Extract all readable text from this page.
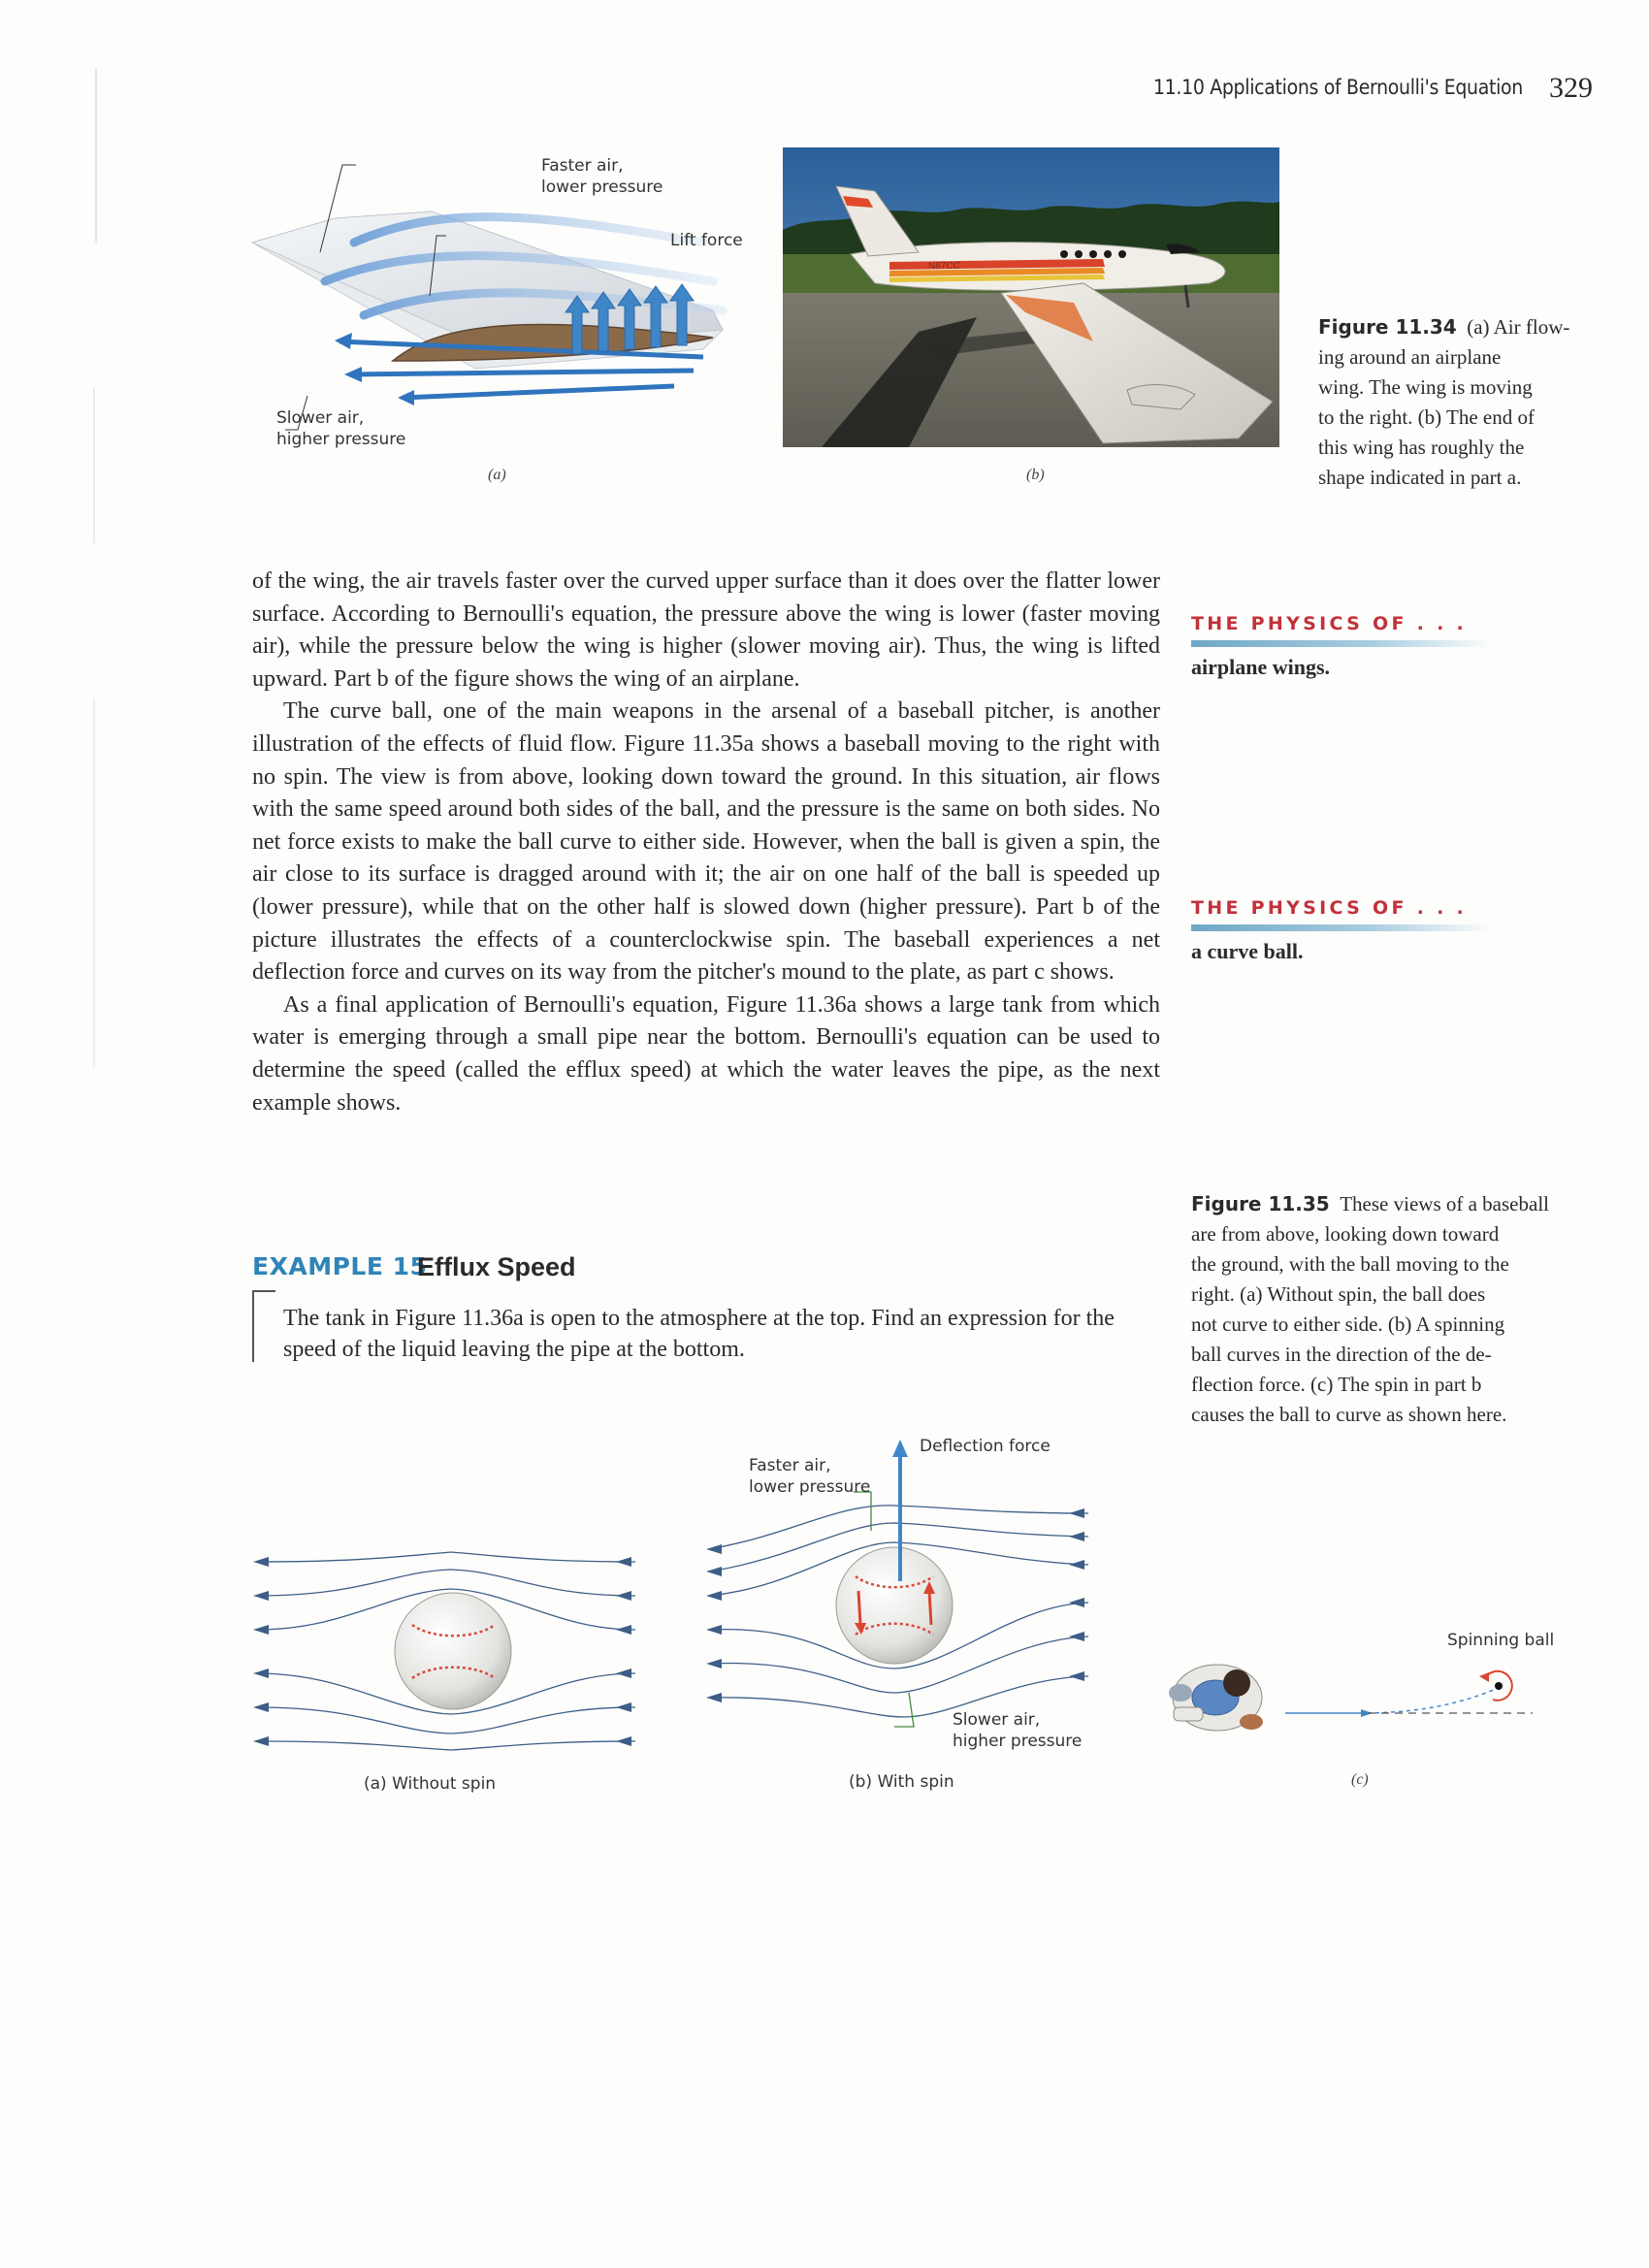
11.10 Applications of Bernoulli's Equation 329
Faster air,
lower pressure
Lift force
Slower air,
higher pressure
(a)
N87CC
(b)
Figure 11.34 (a) Air flow-
ing around an airplane
wing. The wing is moving
to the right. (b) The end of
this wing has roughly the
shape indicated in part a.

of the wing, the air travels faster over the curved upper surface than it does over the flatter lower surface. According to Bernoulli's equation, the pressure above the wing is lower (faster moving air), while the pressure below the wing is higher (slower moving air). Thus, the wing is lifted upward. Part b of the figure shows the wing of an airplane.

The curve ball, one of the main weapons in the arsenal of a baseball pitcher, is another illustration of the effects of fluid flow. Figure 11.35a shows a baseball moving to the right with no spin. The view is from above, looking down toward the ground. In this situation, air flows with the same speed around both sides of the ball, and the pressure is the same on both sides. No net force exists to make the ball curve to either side. However, when the ball is given a spin, the air close to its surface is dragged around with it; the air on one half of the ball is speeded up (lower pressure), while that on the other half is slowed down (higher pressure). Part b of the picture illustrates the effects of a counterclockwise spin. The baseball experiences a net deflection force and curves on its way from the pitcher's mound to the plate, as part c shows.

As a final application of Bernoulli's equation, Figure 11.36a shows a large tank from which water is emerging through a small pipe near the bottom. Bernoulli's equation can be used to determine the speed (called the efflux speed) at which the water leaves the pipe, as the next example shows.

THE PHYSICS OF . . .
airplane wings.
THE PHYSICS OF . . .
a curve ball.
Figure 11.35 These views of a baseball
are from above, looking down toward
the ground, with the ball moving to the
right. (a) Without spin, the ball does
not curve to either side. (b) A spinning
ball curves in the direction of the de-
flection force. (c) The spin in part b
causes the ball to curve as shown here.
EXAMPLE 15
Efflux Speed
The tank in Figure 11.36a is open to the atmosphere at the top. Find an expression for the speed of the liquid leaving the pipe at the bottom.
(a) Without spin
Deflection force
Faster air,
lower pressure
Slower air,
higher pressure
(b) With spin
Spinning ball
(c)
